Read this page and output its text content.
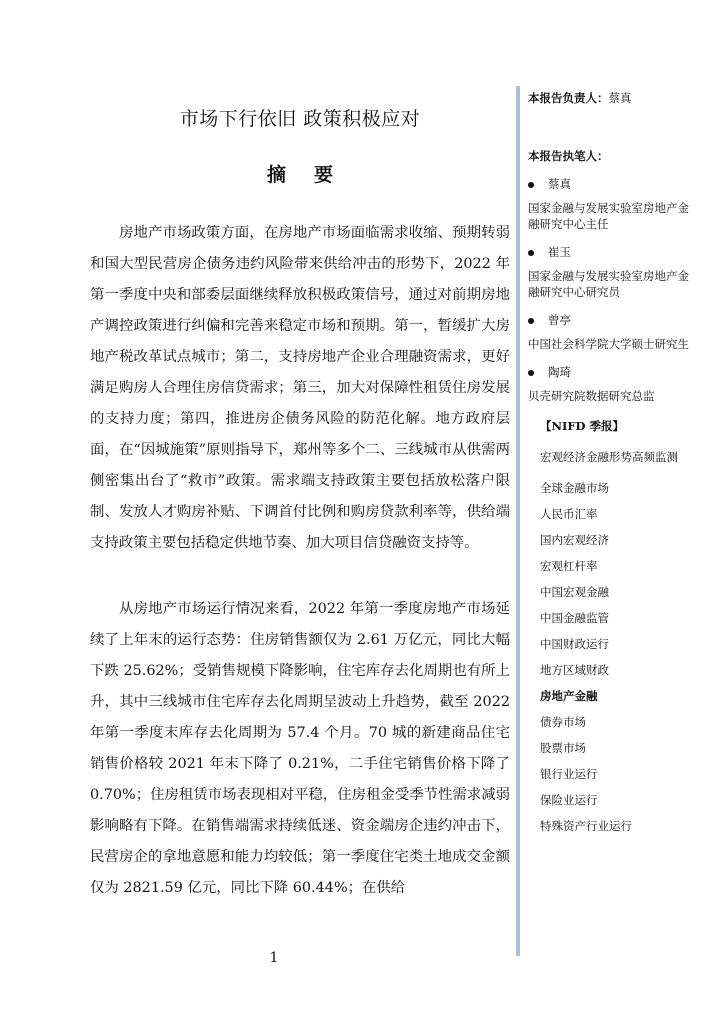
市场下行依旧 政策积极应对
摘要

房地产市场政策方面，在房地产市场面临需求收缩、预期转弱和国大型民营房企债务违约风险带来供给冲击的形势下，2022 年第一季度中央和部委层面继续释放积极政策信号，通过对前期房地产调控政策进行纠偏和完善来稳定市场和预期。第一，暂缓扩大房地产税改革试点城市；第二，支持房地产企业合理融资需求，更好满足购房人合理住房信贷需求；第三，加大对保障性租赁住房发展的支持力度；第四，推进房企债务风险的防范化解。地方政府层面，在“因城施策”原则指导下，郑州等多个二、三线城市从供需两侧密集出台了“救市”政策。需求端支持政策主要包括放松落户限制、发放人才购房补贴、下调首付比例和购房贷款利率等，供给端支持政策主要包括稳定供地节奏、加大项目信贷融资支持等。

从房地产市场运行情况来看，2022 年第一季度房地产市场延续了上年末的运行态势：住房销售额仅为 2.61 万亿元，同比大幅下跌 25.62%；受销售规模下降影响，住宅库存去化周期也有所上升，其中三线城市住宅库存去化周期呈波动上升趋势，截至 2022 年第一季度末库存去化周期为 57.4 个月。70 城的新建商品住宅销售价格较 2021 年末下降了 0.21%，二手住宅销售价格下降了 0.70%；住房租赁市场表现相对平稳，住房租金受季节性需求减弱影响略有下降。在销售端需求持续低迷、资金端房企违约冲击下，民营房企的拿地意愿和能力均较低；第一季度住宅类土地成交金额仅为 2821.59 亿元，同比下降 60.44%；在供给

1
本报告负责人：蔡真
本报告执笔人：
蔡真
国家金融与发展实验室房地产金融研究中心主任
崔玉
国家金融与发展实验室房地产金融研究中心研究员
曾亭
中国社会科学院大学硕士研究生
陶琦
贝壳研究院数据研究总监
【NIFD 季报】
宏观经济金融形势高频监测
全球金融市场
人民币汇率
国内宏观经济
宏观杠杆率
中国宏观金融
中国金融监管
中国财政运行
地方区域财政
房地产金融
债券市场
股票市场
银行业运行
保险业运行
特殊资产行业运行
